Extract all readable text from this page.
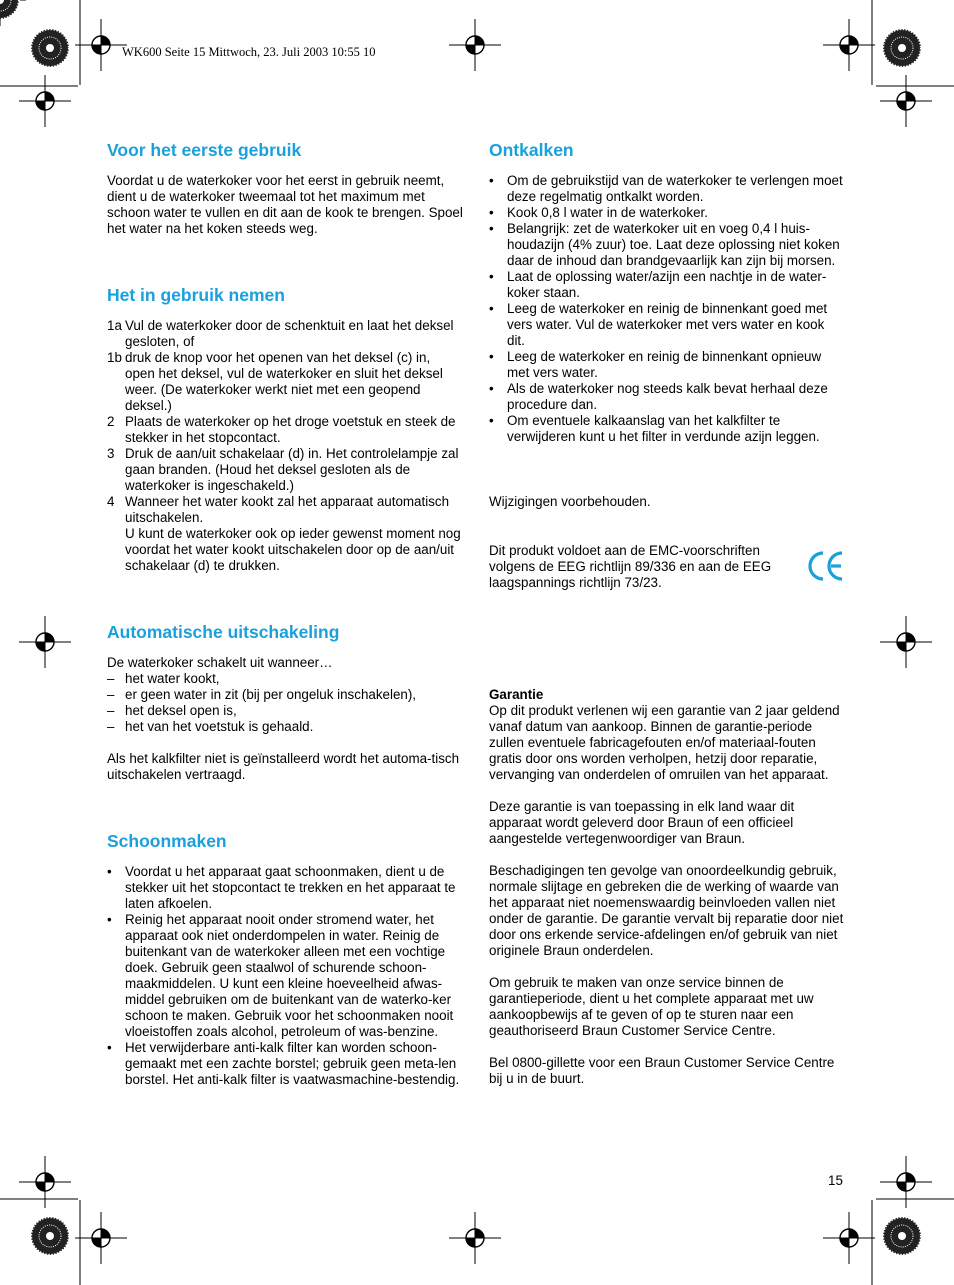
WK600 Seite 15 Mittwoch, 23. Juli 2003 10:55 10
Voor het eerste gebruik

Voordat u de waterkoker voor het eerst in gebruik neemt, dient u de waterkoker tweemaal tot het maximum met schoon water te vullen en dit aan de kook te brengen. Spoel het water na het koken steeds weg.

Het in gebruik nemen
1a Vul de waterkoker door de schenktuit en laat het deksel gesloten, of
1b druk de knop voor het openen van het deksel (c) in, open het deksel, vul de waterkoker en sluit het deksel weer. (De waterkoker werkt niet met een geopend deksel.)
2 Plaats de waterkoker op het droge voetstuk en steek de stekker in het stopcontact.
3 Druk de aan/uit schakelaar (d) in. Het controlelampje zal gaan branden. (Houd het deksel gesloten als de waterkoker is ingeschakeld.)
4 Wanneer het water kookt zal het apparaat automatisch uitschakelen.
U kunt de waterkoker ook op ieder gewenst moment nog voordat het water kookt uitschakelen door op de aan/uit schakelaar (d) te drukken.
Automatische uitschakeling

De waterkoker schakelt uit wanneer…

– het water kookt,
– er geen water in zit (bij per ongeluk inschakelen),
– het deksel open is,
– het van het voetstuk is gehaald.

Als het kalkfilter niet is geïnstalleerd wordt het automa-tisch uitschakelen vertraagd.

Schoonmaken
• Voordat u het apparaat gaat schoonmaken, dient u de stekker uit het stopcontact te trekken en het apparaat te laten afkoelen.
• Reinig het apparaat nooit onder stromend water, het apparaat ook niet onderdompelen in water. Reinig de buitenkant van de waterkoker alleen met een vochtige doek. Gebruik geen staalwol of schurende schoon-maakmiddelen. U kunt een kleine hoeveelheid afwas-middel gebruiken om de buitenkant van de waterko-ker schoon te maken. Gebruik voor het schoonmaken nooit vloeistoffen zoals alcohol, petroleum of was-benzine.
• Het verwijderbare anti-kalk filter kan worden schoon-gemaakt met een zachte borstel; gebruik geen meta-len borstel. Het anti-kalk filter is vaatwasmachine-bestendig.
Ontkalken
• Om de gebruikstijd van de waterkoker te verlengen moet deze regelmatig ontkalkt worden.
• Kook 0,8 l water in de waterkoker.
• Belangrijk: zet de waterkoker uit en voeg 0,4 l huis-houdazijn (4% zuur) toe. Laat deze oplossing niet koken daar de inhoud dan brandgevaarlijk kan zijn bij morsen.
• Laat de oplossing water/azijn een nachtje in de water-koker staan.
• Leeg de waterkoker en reinig de binnenkant goed met vers water. Vul de waterkoker met vers water en kook dit.
• Leeg de waterkoker en reinig de binnenkant opnieuw met vers water.
• Als de waterkoker nog steeds kalk bevat herhaal deze procedure dan.
• Om eventuele kalkaanslag van het kalkfilter te verwijderen kunt u het filter in verdunde azijn leggen.

Wijzigingen voorbehouden.

Dit produkt voldoet aan de EMC-voorschriften volgens de EEG richtlijn 89/336 en aan de EEG laagspannings richtlijn 73/23.

Garantie

Op dit produkt verlenen wij een garantie van 2 jaar geldend vanaf datum van aankoop. Binnen de garantie-periode zullen eventuele fabricagefouten en/of materiaal-fouten gratis door ons worden verholpen, hetzij door reparatie, vervanging van onderdelen of omruilen van het apparaat.

Deze garantie is van toepassing in elk land waar dit apparaat wordt geleverd door Braun of een officieel aangestelde vertegenwoordiger van Braun.

Beschadigingen ten gevolge van onoordeelkundig gebruik, normale slijtage en gebreken die de werking of waarde van het apparaat niet noemenswaardig beinvloeden vallen niet onder de garantie. De garantie vervalt bij reparatie door niet door ons erkende service-afdelingen en/of gebruik van niet originele Braun onderdelen.

Om gebruik te maken van onze service binnen de garantieperiode, dient u het complete apparaat met uw aankoopbewijs af te geven of op te sturen naar een geauthoriseerd Braun Customer Service Centre.

Bel 0800-gillette voor een Braun Customer Service Centre bij u in de buurt.

15
